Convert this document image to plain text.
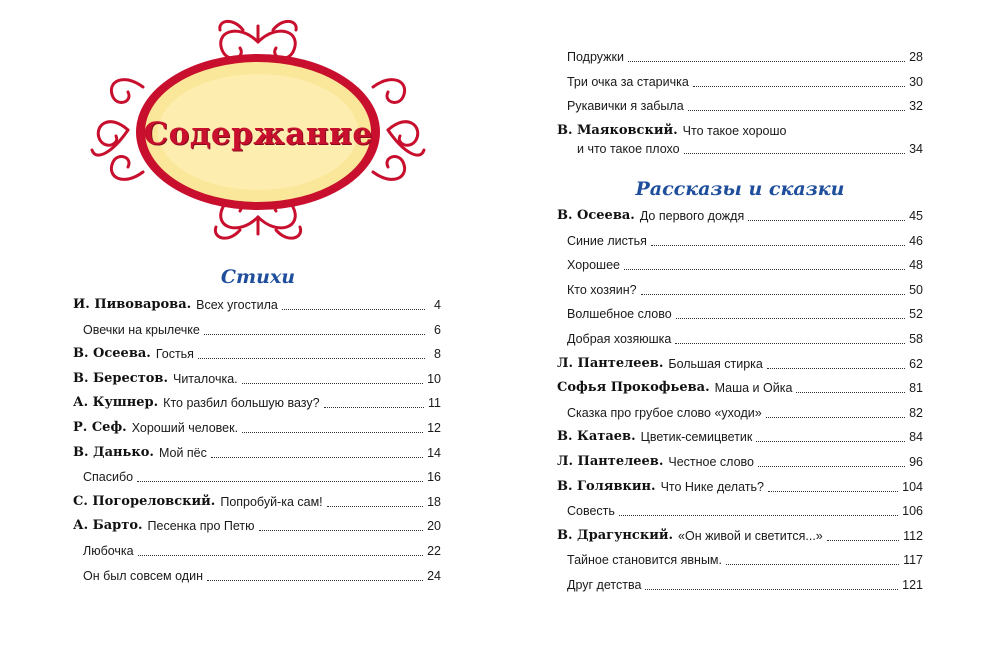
Содержание
Стихи
И. Пивоварова. Всех угостила	4
Овечки на крылечке	6
В. Осеева. Гостья	8
В. Берестов. Читалочка.	10
А. Кушнер. Кто разбил большую вазу?	11
Р. Сеф. Хороший человек.	12
В. Данько. Мой пёс	14
Спасибо	16
С. Погореловский. Попробуй-ка сам!	18
А. Барто. Песенка про Петю	20
Любочка	22
Он был совсем один	24
Подружки	28
Три очка за старичка	30
Рукавички я забыла	32
В. Маяковский. Что такое хорошо
и что такое плохо	34
Рассказы и сказки
В. Осеева. До первого дождя	45
Синие листья	46
Хорошее	48
Кто хозяин?	50
Волшебное слово	52
Добрая хозяюшка	58
Л. Пантелеев. Большая стирка	62
Софья Прокофьева. Маша и Ойка	81
Сказка про грубое слово «уходи»	82
В. Катаев. Цветик-семицветик	84
Л. Пантелеев. Честное слово	96
В. Голявкин. Что Нике делать?	104
Совесть	106
В. Драгунский. «Он живой и светится...»	112
Тайное становится явным.	117
Друг детства	121
